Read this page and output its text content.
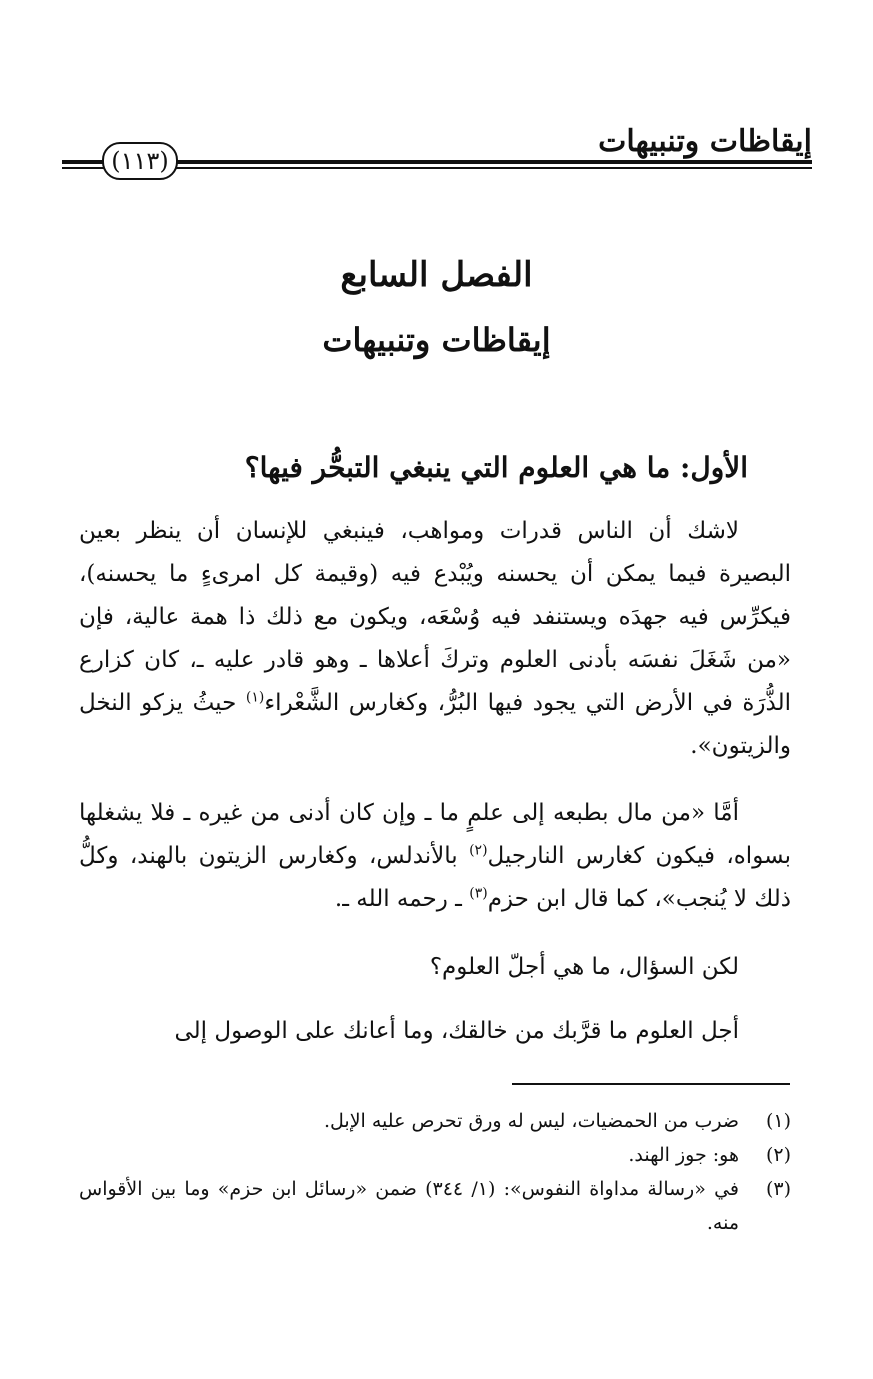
إيقاظات وتنبيهات
(١١٣)
الفصل السابع
إيقاظات وتنبيهات
الأول: ما هي العلوم التي ينبغي التبحُّر فيها؟
لاشك أن الناس قدرات ومواهب، فينبغي للإنسان أن ينظر بعين البصيرة فيما يمكن أن يحسنه ويُبْدع فيه (وقيمة كل امرىءٍ ما يحسنه)، فيكرِّس فيه جهدَه ويستنفد فيه وُسْعَه، ويكون مع ذلك ذا همة عالية، فإن «من شَغَلَ نفسَه بأدنى العلوم وتركَ أعلاها ـ وهو قادر عليه ـ، كان كزارع الذُّرَة في الأرض التي يجود فيها البُرُّ، وكغارس الشَّعْراء$^{(١)}$ حيثُ يزكو النخل والزيتون».
أمَّا «من مال بطبعه إلى علمٍ ما ـ وإن كان أدنى من غيره ـ فلا يشغلها بسواه، فيكون كغارس النارجيل$^{(٢)}$ بالأندلس، وكغارس الزيتون بالهند، وكلُّ ذلك لا يُنجب»، كما قال ابن حزم$^{(٣)}$ ـ رحمه الله ـ.
لكن السؤال، ما هي أجلّ العلوم؟
أجل العلوم ما قرَّبك من خالقك، وما أعانك على الوصول إلى
(١)
ضرب من الحمضيات، ليس له ورق تحرص عليه الإبل.
(٢)
هو: جوز الهند.
(٣)
في «رسالة مداواة النفوس»: (١/ ٣٤٤) ضمن «رسائل ابن حزم» وما بين الأقواس منه.
